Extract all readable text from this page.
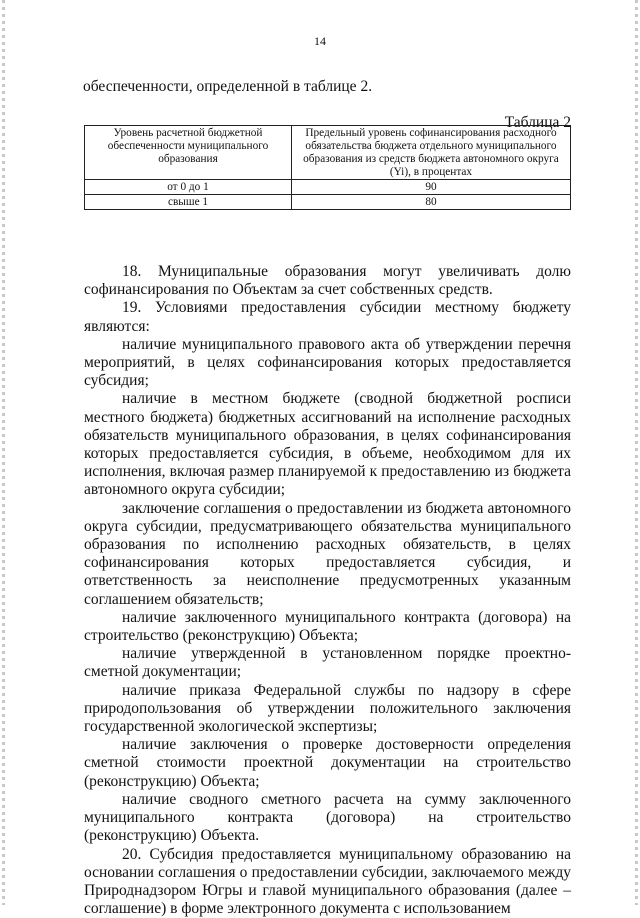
14
обеспеченности, определенной в таблице 2.
Таблица 2
Уровень расчетной бюджетной обеспеченности муниципального образования	Предельный уровень софинансирования расходного обязательства бюджета отдельного муниципального образования из средств бюджета автономного округа (Yi), в процентах
от 0 до 1	90
свыше 1	80

18. Муниципальные образования могут увеличивать долю софинансирования по Объектам за счет собственных средств.

19. Условиями предоставления субсидии местному бюджету являются:

наличие муниципального правового акта об утверждении перечня мероприятий, в целях софинансирования которых предоставляется субсидия;

наличие в местном бюджете (сводной бюджетной росписи местного бюджета) бюджетных ассигнований на исполнение расходных обязательств муниципального образования, в целях софинансирования которых предоставляется субсидия, в объеме, необходимом для их исполнения, включая размер планируемой к предоставлению из бюджета автономного округа субсидии;

заключение соглашения о предоставлении из бюджета автономного округа субсидии, предусматривающего обязательства муниципального образования по исполнению расходных обязательств, в целях софинансирования которых предоставляется субсидия, и ответственность за неисполнение предусмотренных указанным соглашением обязательств;

наличие заключенного муниципального контракта (договора) на строительство (реконструкцию) Объекта;

наличие утвержденной в установленном порядке проектно-сметной документации;

наличие приказа Федеральной службы по надзору в сфере природопользования об утверждении положительного заключения государственной экологической экспертизы;

наличие заключения о проверке достоверности определения сметной стоимости проектной документации на строительство (реконструкцию) Объекта;

наличие сводного сметного расчета на сумму заключенного муниципального контракта (договора) на строительство (реконструкцию) Объекта.

20. Субсидия предоставляется муниципальному образованию на основании соглашения о предоставлении субсидии, заключаемого между Природнадзором Югры и главой муниципального образования (далее – соглашение) в форме электронного документа с использованием
